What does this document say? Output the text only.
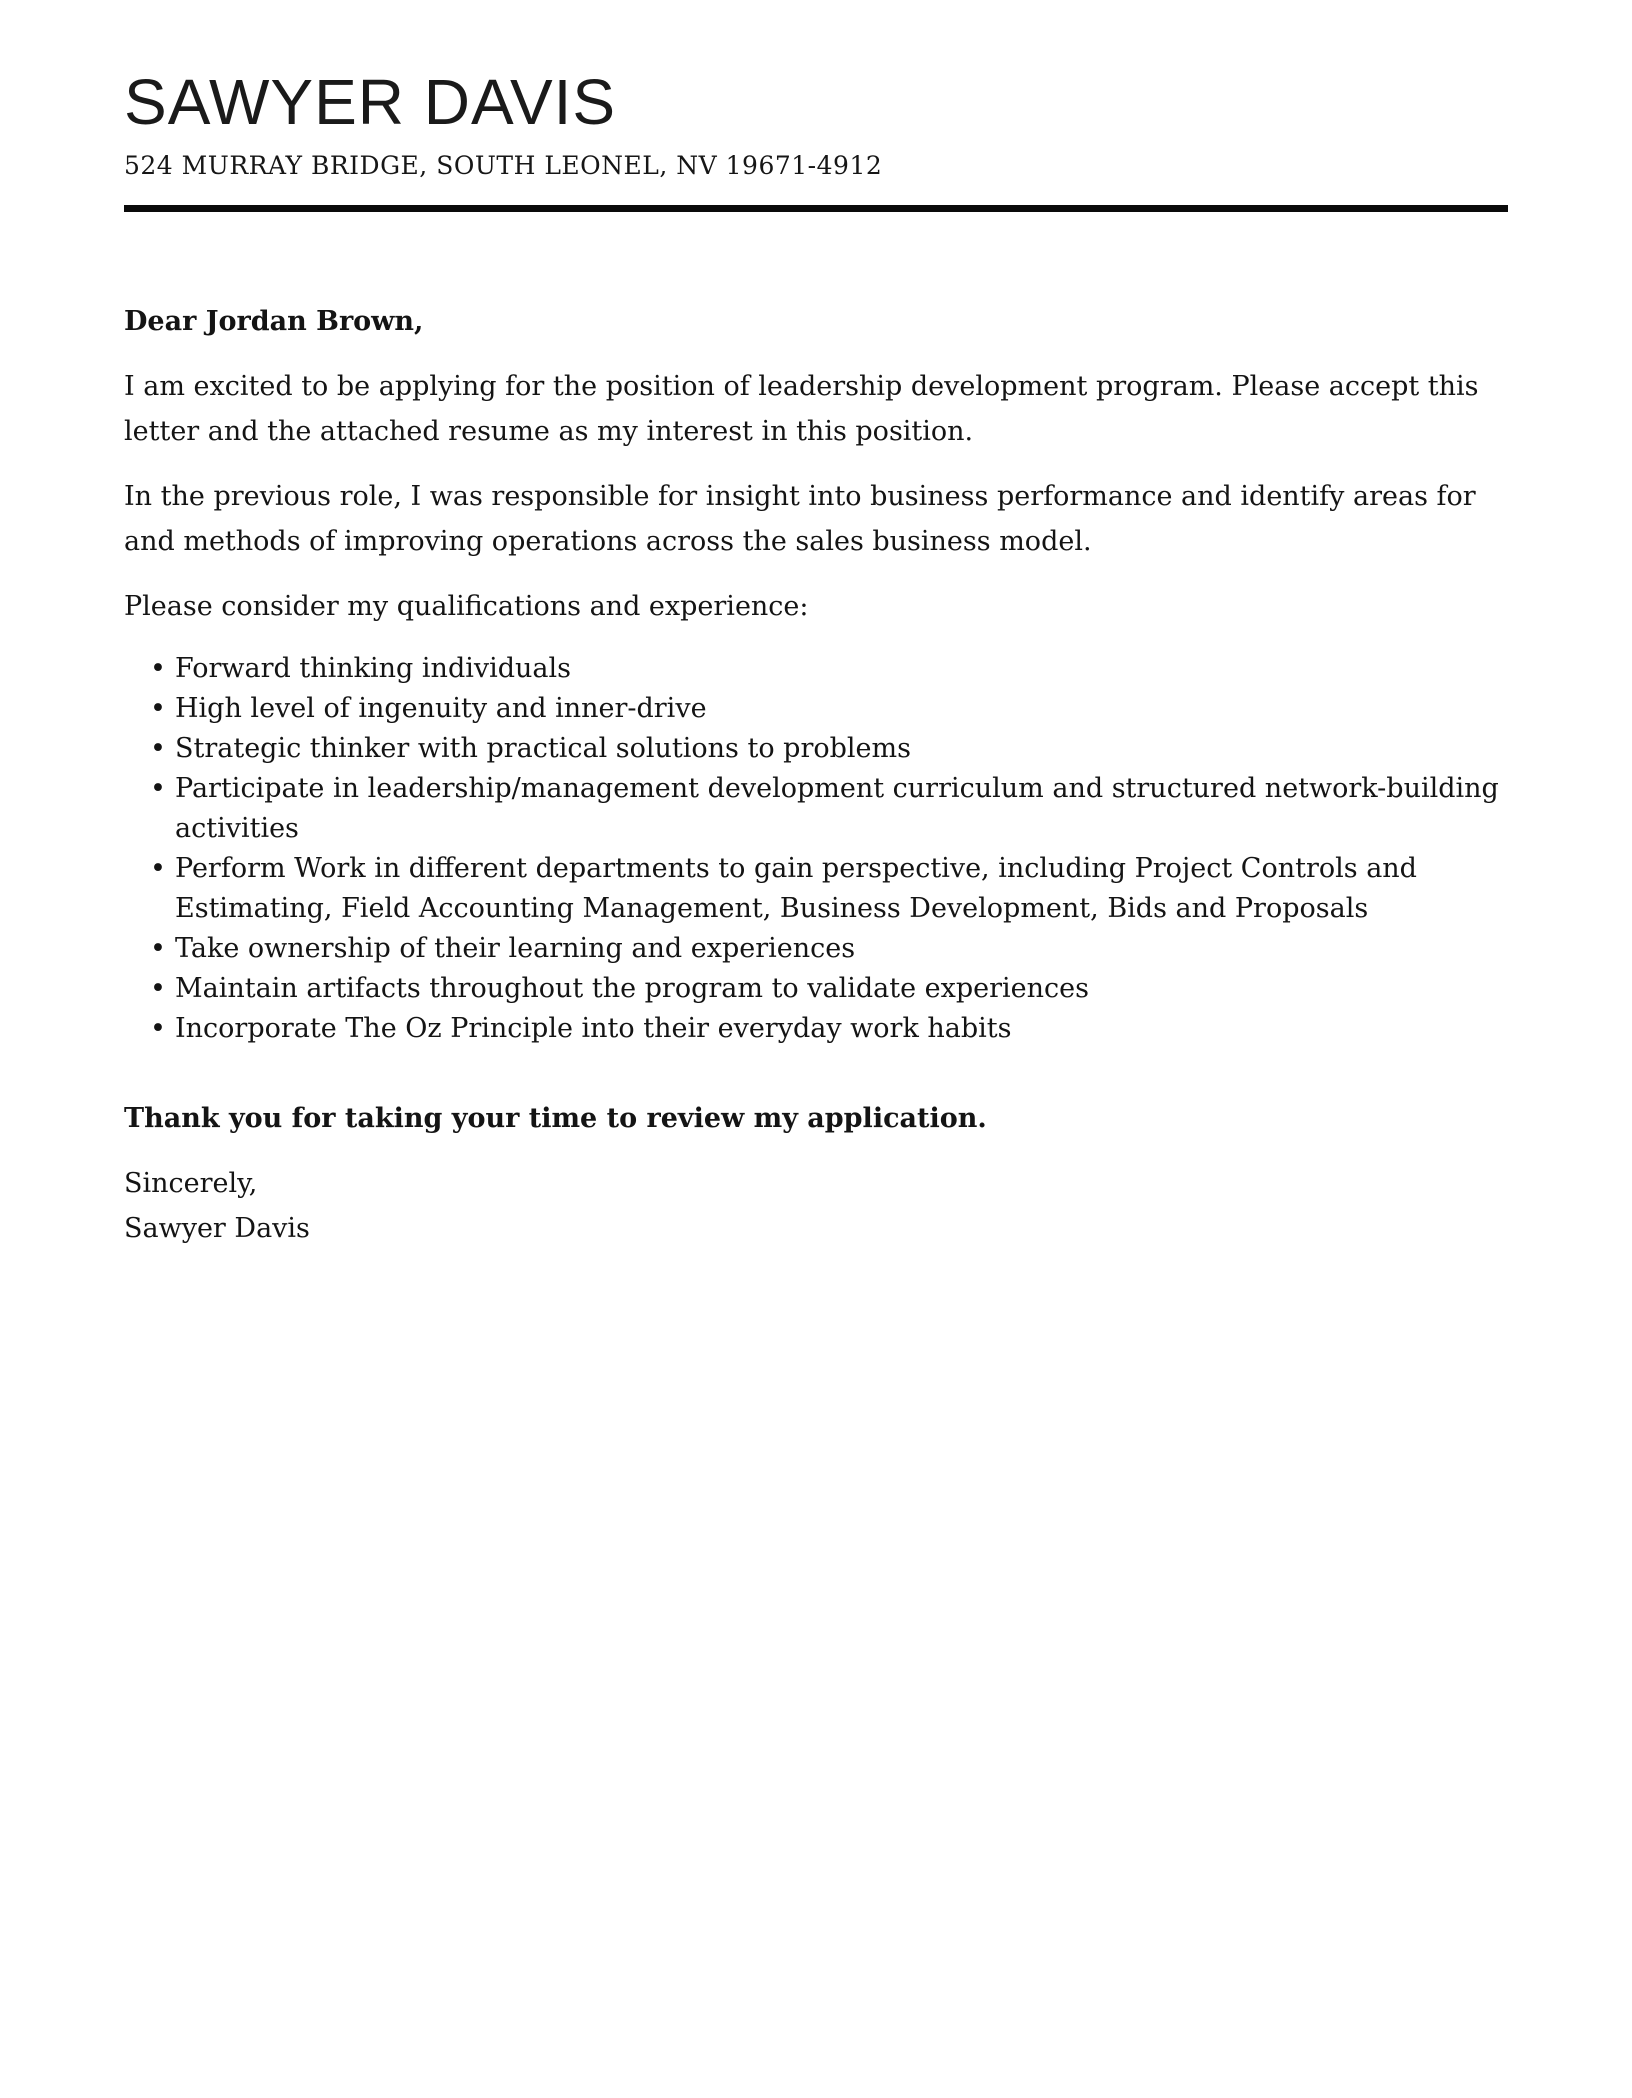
SAWYER DAVIS
524 MURRAY BRIDGE, SOUTH LEONEL, NV 19671-4912

Dear Jordan Brown,

I am excited to be applying for the position of leadership development program. Please accept this letter and the attached resume as my interest in this position.

In the previous role, I was responsible for insight into business performance and identify areas for and methods of improving operations across the sales business model.

Please consider my qualifications and experience:

• Forward thinking individuals
• High level of ingenuity and inner-drive
• Strategic thinker with practical solutions to problems
• Participate in leadership/management development curriculum and structured network-building activities
• Perform Work in different departments to gain perspective, including Project Controls and Estimating, Field Accounting Management, Business Development, Bids and Proposals
• Take ownership of their learning and experiences
• Maintain artifacts throughout the program to validate experiences
• Incorporate The Oz Principle into their everyday work habits

Thank you for taking your time to review my application.

Sincerely,
Sawyer Davis
